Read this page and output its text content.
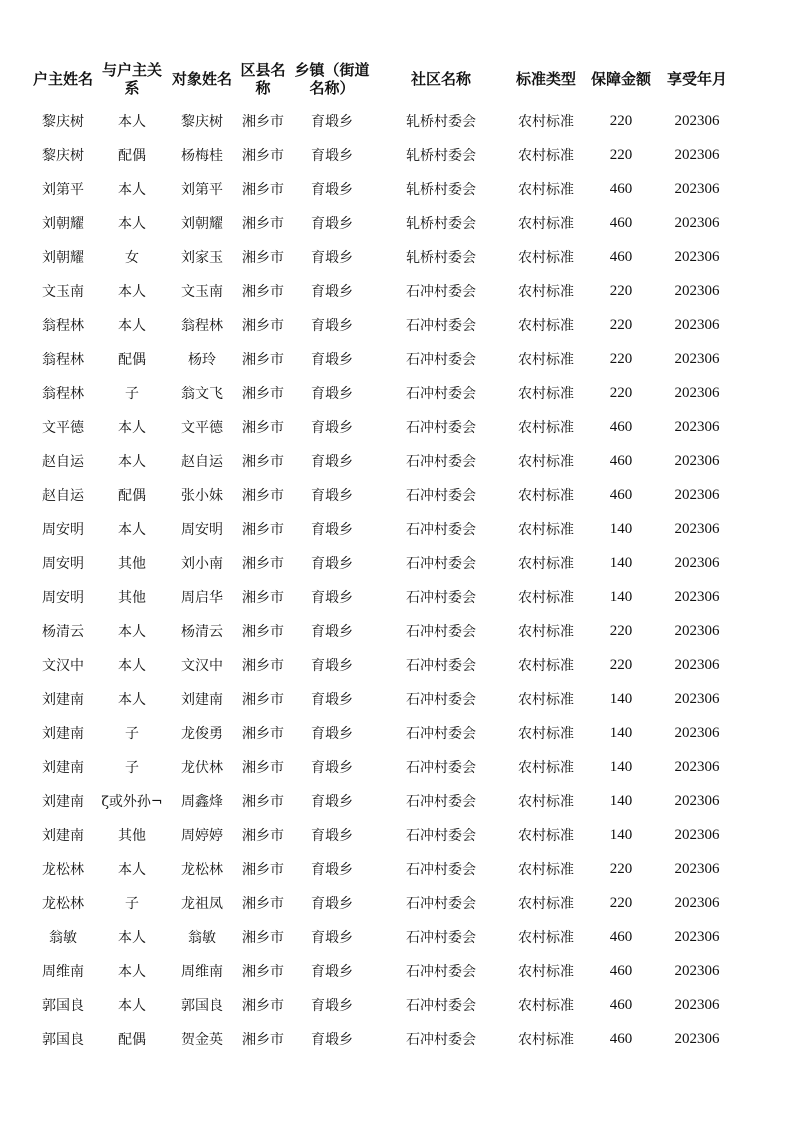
户主姓名	与户主关系	对象姓名	区县名称	乡镇（街道名称）	社区名称	标准类型	保障金额	享受年月
黎庆树	本人	黎庆树	湘乡市	育塅乡	轧桥村委会	农村标准	220	202306
黎庆树	配偶	杨梅桂	湘乡市	育塅乡	轧桥村委会	农村标准	220	202306
刘第平	本人	刘第平	湘乡市	育塅乡	轧桥村委会	农村标准	460	202306
刘朝耀	本人	刘朝耀	湘乡市	育塅乡	轧桥村委会	农村标准	460	202306
刘朝耀	女	刘家玉	湘乡市	育塅乡	轧桥村委会	农村标准	460	202306
文玉南	本人	文玉南	湘乡市	育塅乡	石冲村委会	农村标准	220	202306
翁程林	本人	翁程林	湘乡市	育塅乡	石冲村委会	农村标准	220	202306
翁程林	配偶	杨玲	湘乡市	育塅乡	石冲村委会	农村标准	220	202306
翁程林	子	翁文飞	湘乡市	育塅乡	石冲村委会	农村标准	220	202306
文平德	本人	文平德	湘乡市	育塅乡	石冲村委会	农村标准	460	202306
赵自运	本人	赵自运	湘乡市	育塅乡	石冲村委会	农村标准	460	202306
赵自运	配偶	张小妹	湘乡市	育塅乡	石冲村委会	农村标准	460	202306
周安明	本人	周安明	湘乡市	育塅乡	石冲村委会	农村标准	140	202306
周安明	其他	刘小南	湘乡市	育塅乡	石冲村委会	农村标准	140	202306
周安明	其他	周启华	湘乡市	育塅乡	石冲村委会	农村标准	140	202306
杨清云	本人	杨清云	湘乡市	育塅乡	石冲村委会	农村标准	220	202306
文汉中	本人	文汉中	湘乡市	育塅乡	石冲村委会	农村标准	220	202306
刘建南	本人	刘建南	湘乡市	育塅乡	石冲村委会	农村标准	140	202306
刘建南	子	龙俊勇	湘乡市	育塅乡	石冲村委会	农村标准	140	202306
刘建南	子	龙伏林	湘乡市	育塅乡	石冲村委会	农村标准	140	202306
刘建南	ζ或外孙¬	周鑫烽	湘乡市	育塅乡	石冲村委会	农村标准	140	202306
刘建南	其他	周婷婷	湘乡市	育塅乡	石冲村委会	农村标准	140	202306
龙松林	本人	龙松林	湘乡市	育塅乡	石冲村委会	农村标准	220	202306
龙松林	子	龙祖凤	湘乡市	育塅乡	石冲村委会	农村标准	220	202306
翁敏	本人	翁敏	湘乡市	育塅乡	石冲村委会	农村标准	460	202306
周维南	本人	周维南	湘乡市	育塅乡	石冲村委会	农村标准	460	202306
郭国良	本人	郭国良	湘乡市	育塅乡	石冲村委会	农村标准	460	202306
郭国良	配偶	贺金英	湘乡市	育塅乡	石冲村委会	农村标准	460	202306
